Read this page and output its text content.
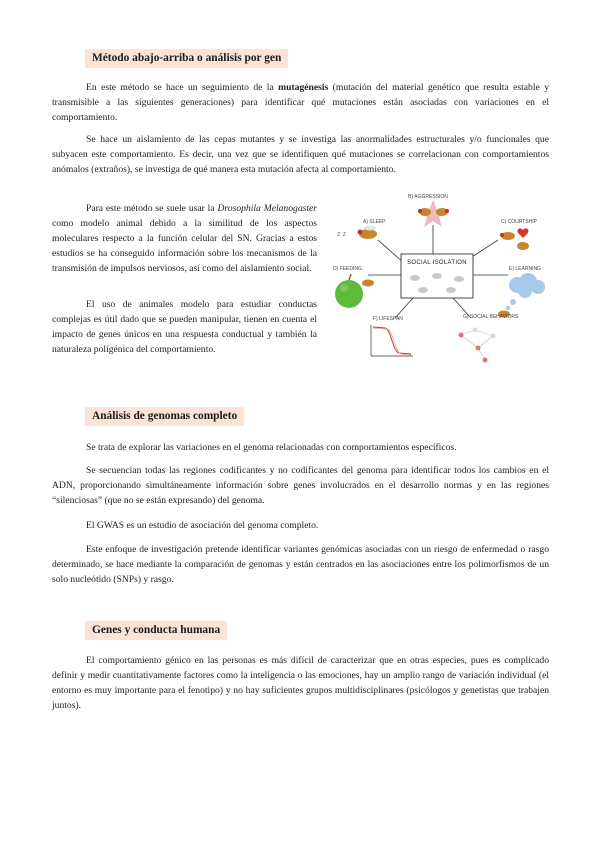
Método abajo-arriba o análisis por gen

En este método se hace un seguimiento de la mutagénesis (mutación del material genético que resulta estable y transmisible a las siguientes generaciones) para identificar qué mutaciones están asociadas con variaciones en el comportamiento.

Se hace un aislamiento de las cepas mutantes y se investiga las anormalidades estructurales y/o funcionales que subyacen este comportamiento. Es decir, una vez que se identifiquen qué mutaciones se correlacionan con comportamientos anómalos (extraños), se investiga de qué manera esta mutación afecta al comportamiento.

Para este método se suele usar la Drosophila Melanogaster como modelo animal debido a la similitud de los aspectos moleculares respecto a la función celular del SN. Gracias a estos estudios se ha conseguido información sobre los mecanismos de la transmisión de impulsos nerviosos, así como del aislamiento social.

El uso de animales modelo para estudiar conductas complejas es útil dado que se pueden manipular, tienen en cuenta el impacto de genes únicos en una respuesta conductual y también la naturaleza poligénica del comportamiento.

B) AGGRESSION
A) SLEEP
z z
C) COURTSHIP
D) FEEDING	E) LEARNING
SOCIAL ISOLATION
F) LIFESPAN	G) SOCIAL BEHAVIORS
Análisis de genomas completo

Se trata de explorar las variaciones en el genoma relacionadas con comportamientos específicos.

Se secuencian todas las regiones codificantes y no codificantes del genoma para identificar todos los cambios en el ADN, proporcionando simultáneamente información sobre genes involucrados en el desarrollo normas y en las regiones “silenciosas” (que no se están expresando) del genoma.

El GWAS es un estudio de asociación del genoma completo.

Este enfoque de investigación pretende identificar variantes genómicas asociadas con un riesgo de enfermedad o rasgo determinado, se hace mediante la comparación de genomas y están centrados en las asociaciones entre los polimorfismos de un solo nucleótido (SNPs) y rasgo.

Genes y conducta humana

El comportamiento génico en las personas es más difícil de caracterizar que en otras especies, pues es complicado definir y medir cuantitativamente factores como la inteligencia o las emociones, hay un amplio rango de variación individual (el entorno es muy importante para el fenotipo) y no hay suficientes grupos multidisciplinares (psicólogos y genetistas que trabajen juntos).
